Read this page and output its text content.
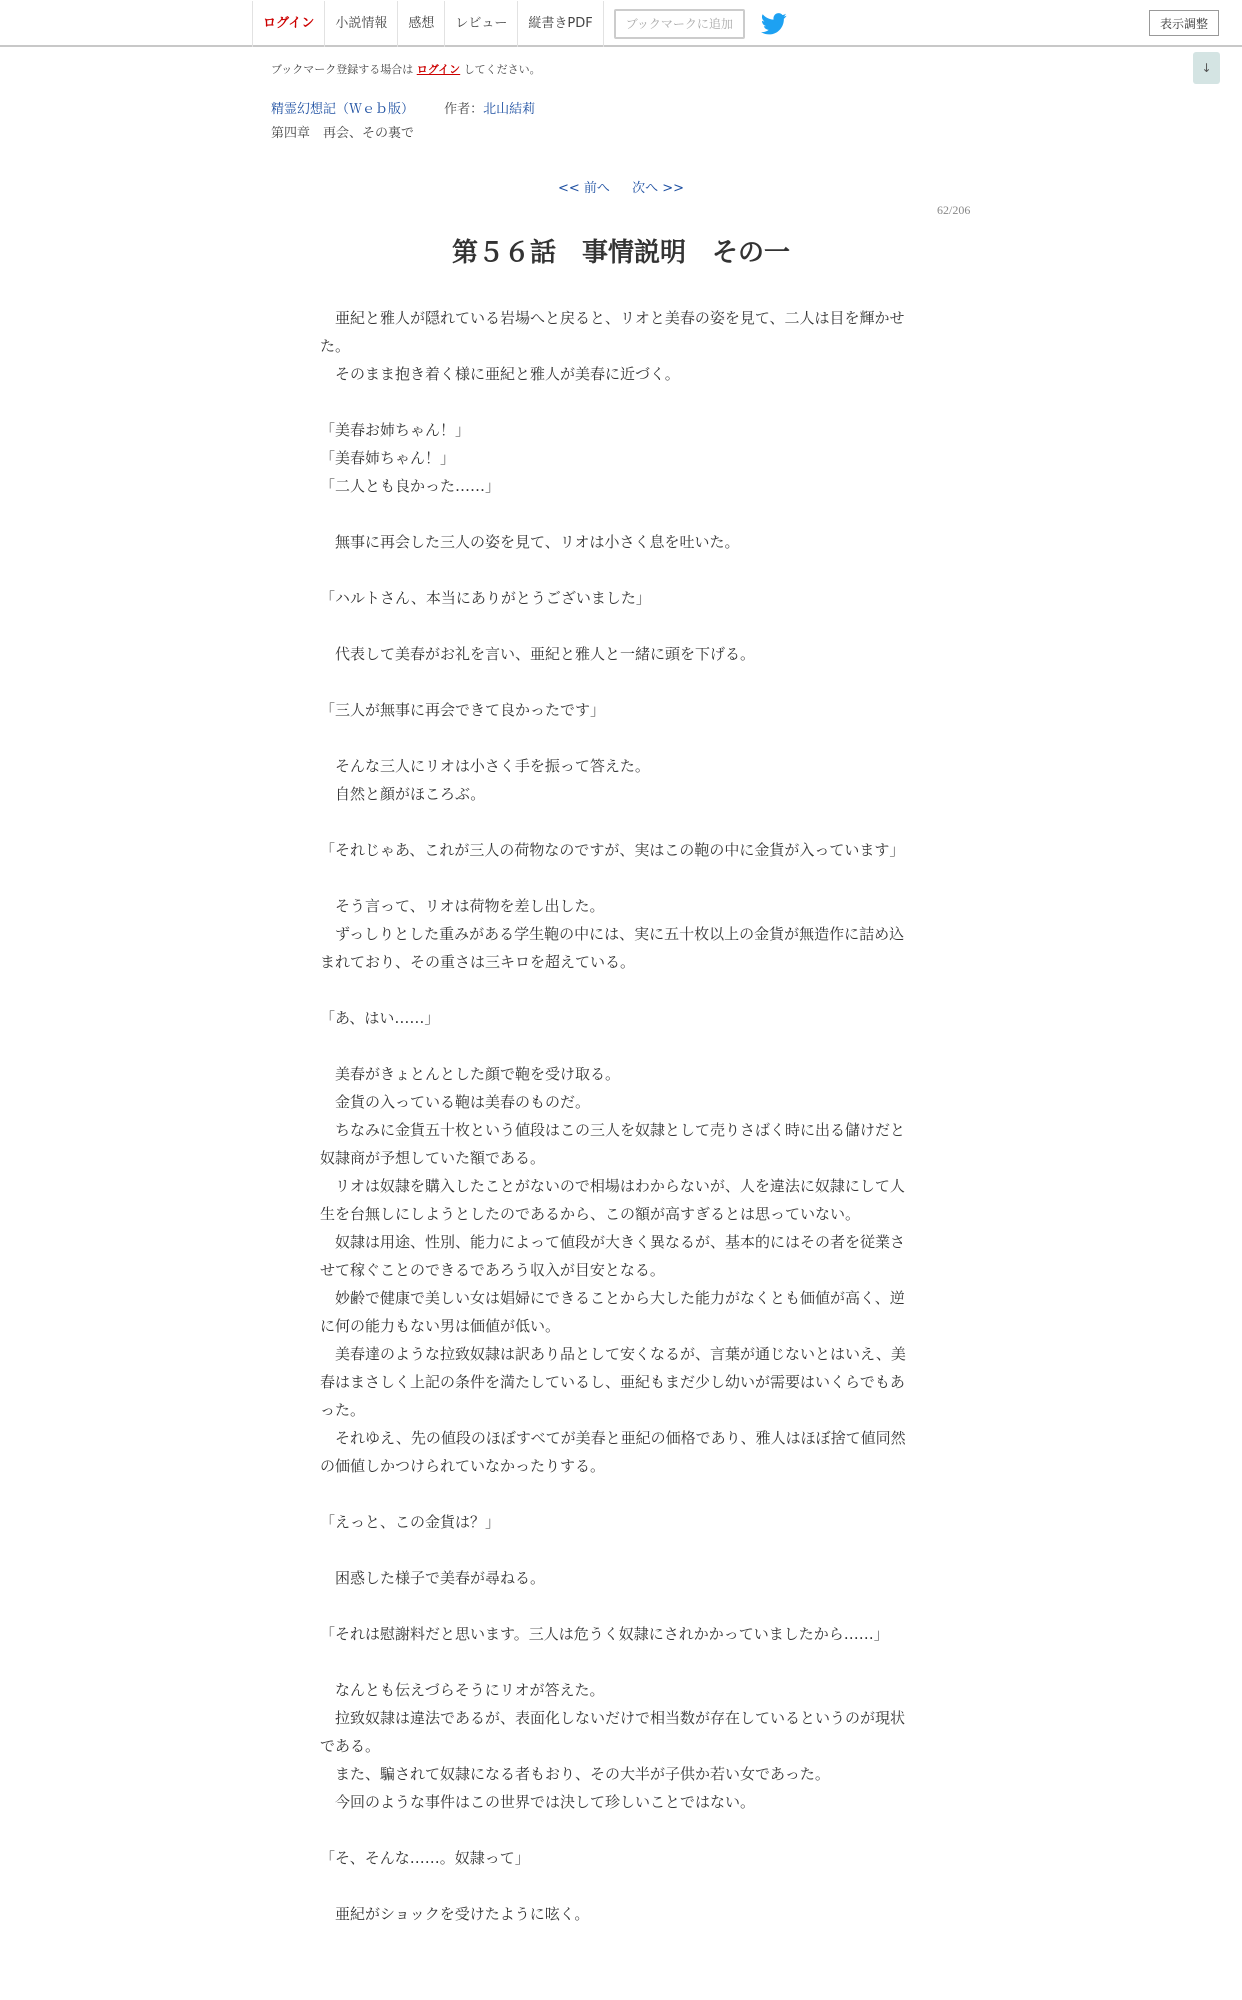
ログイン	小説情報	感想	レビュー	縦書きPDF	ブックマークに追加	表示調整
↓
ブックマーク登録する場合は ログイン してください。
精霊幻想記（Ｗｅｂ版） 作者：北山結莉
第四章　再会、その裏で
<< 前へ 次へ >>
62/206
第５６話　事情説明　その一

　亜紀と雅人が隠れている岩場へと戻ると、リオと美春の姿を見て、二人は目を輝かせた。

　そのまま抱き着く様に亜紀と雅人が美春に近づく。

「美春お姉ちゃん！」

「美春姉ちゃん！」

「二人とも良かった……」

　無事に再会した三人の姿を見て、リオは小さく息を吐いた。

「ハルトさん、本当にありがとうございました」

　代表して美春がお礼を言い、亜紀と雅人と一緒に頭を下げる。

「三人が無事に再会できて良かったです」

　そんな三人にリオは小さく手を振って答えた。

　自然と顔がほころぶ。

「それじゃあ、これが三人の荷物なのですが、実はこの鞄の中に金貨が入っています」

　そう言って、リオは荷物を差し出した。

　ずっしりとした重みがある学生鞄の中には、実に五十枚以上の金貨が無造作に詰め込まれており、その重さは三キロを超えている。

「あ、はい……」

　美春がきょとんとした顔で鞄を受け取る。

　金貨の入っている鞄は美春のものだ。

　ちなみに金貨五十枚という値段はこの三人を奴隷として売りさばく時に出る儲けだと奴隷商が予想していた額である。

　リオは奴隷を購入したことがないので相場はわからないが、人を違法に奴隷にして人生を台無しにしようとしたのであるから、この額が高すぎるとは思っていない。

　奴隷は用途、性別、能力によって値段が大きく異なるが、基本的にはその者を従業させて稼ぐことのできるであろう収入が目安となる。

　妙齢で健康で美しい女は娼婦にできることから大した能力がなくとも価値が高く、逆に何の能力もない男は価値が低い。

　美春達のような拉致奴隷は訳あり品として安くなるが、言葉が通じないとはいえ、美春はまさしく上記の条件を満たしているし、亜紀もまだ少し幼いが需要はいくらでもあった。

　それゆえ、先の値段のほぼすべてが美春と亜紀の価格であり、雅人はほぼ捨て値同然の価値しかつけられていなかったりする。

「えっと、この金貨は？」

　困惑した様子で美春が尋ねる。

「それは慰謝料だと思います。三人は危うく奴隷にされかかっていましたから……」

　なんとも伝えづらそうにリオが答えた。

　拉致奴隷は違法であるが、表面化しないだけで相当数が存在しているというのが現状である。

　また、騙されて奴隷になる者もおり、その大半が子供か若い女であった。

　今回のような事件はこの世界では決して珍しいことではない。

「そ、そんな……。奴隷って」

　亜紀がショックを受けたように呟く。
